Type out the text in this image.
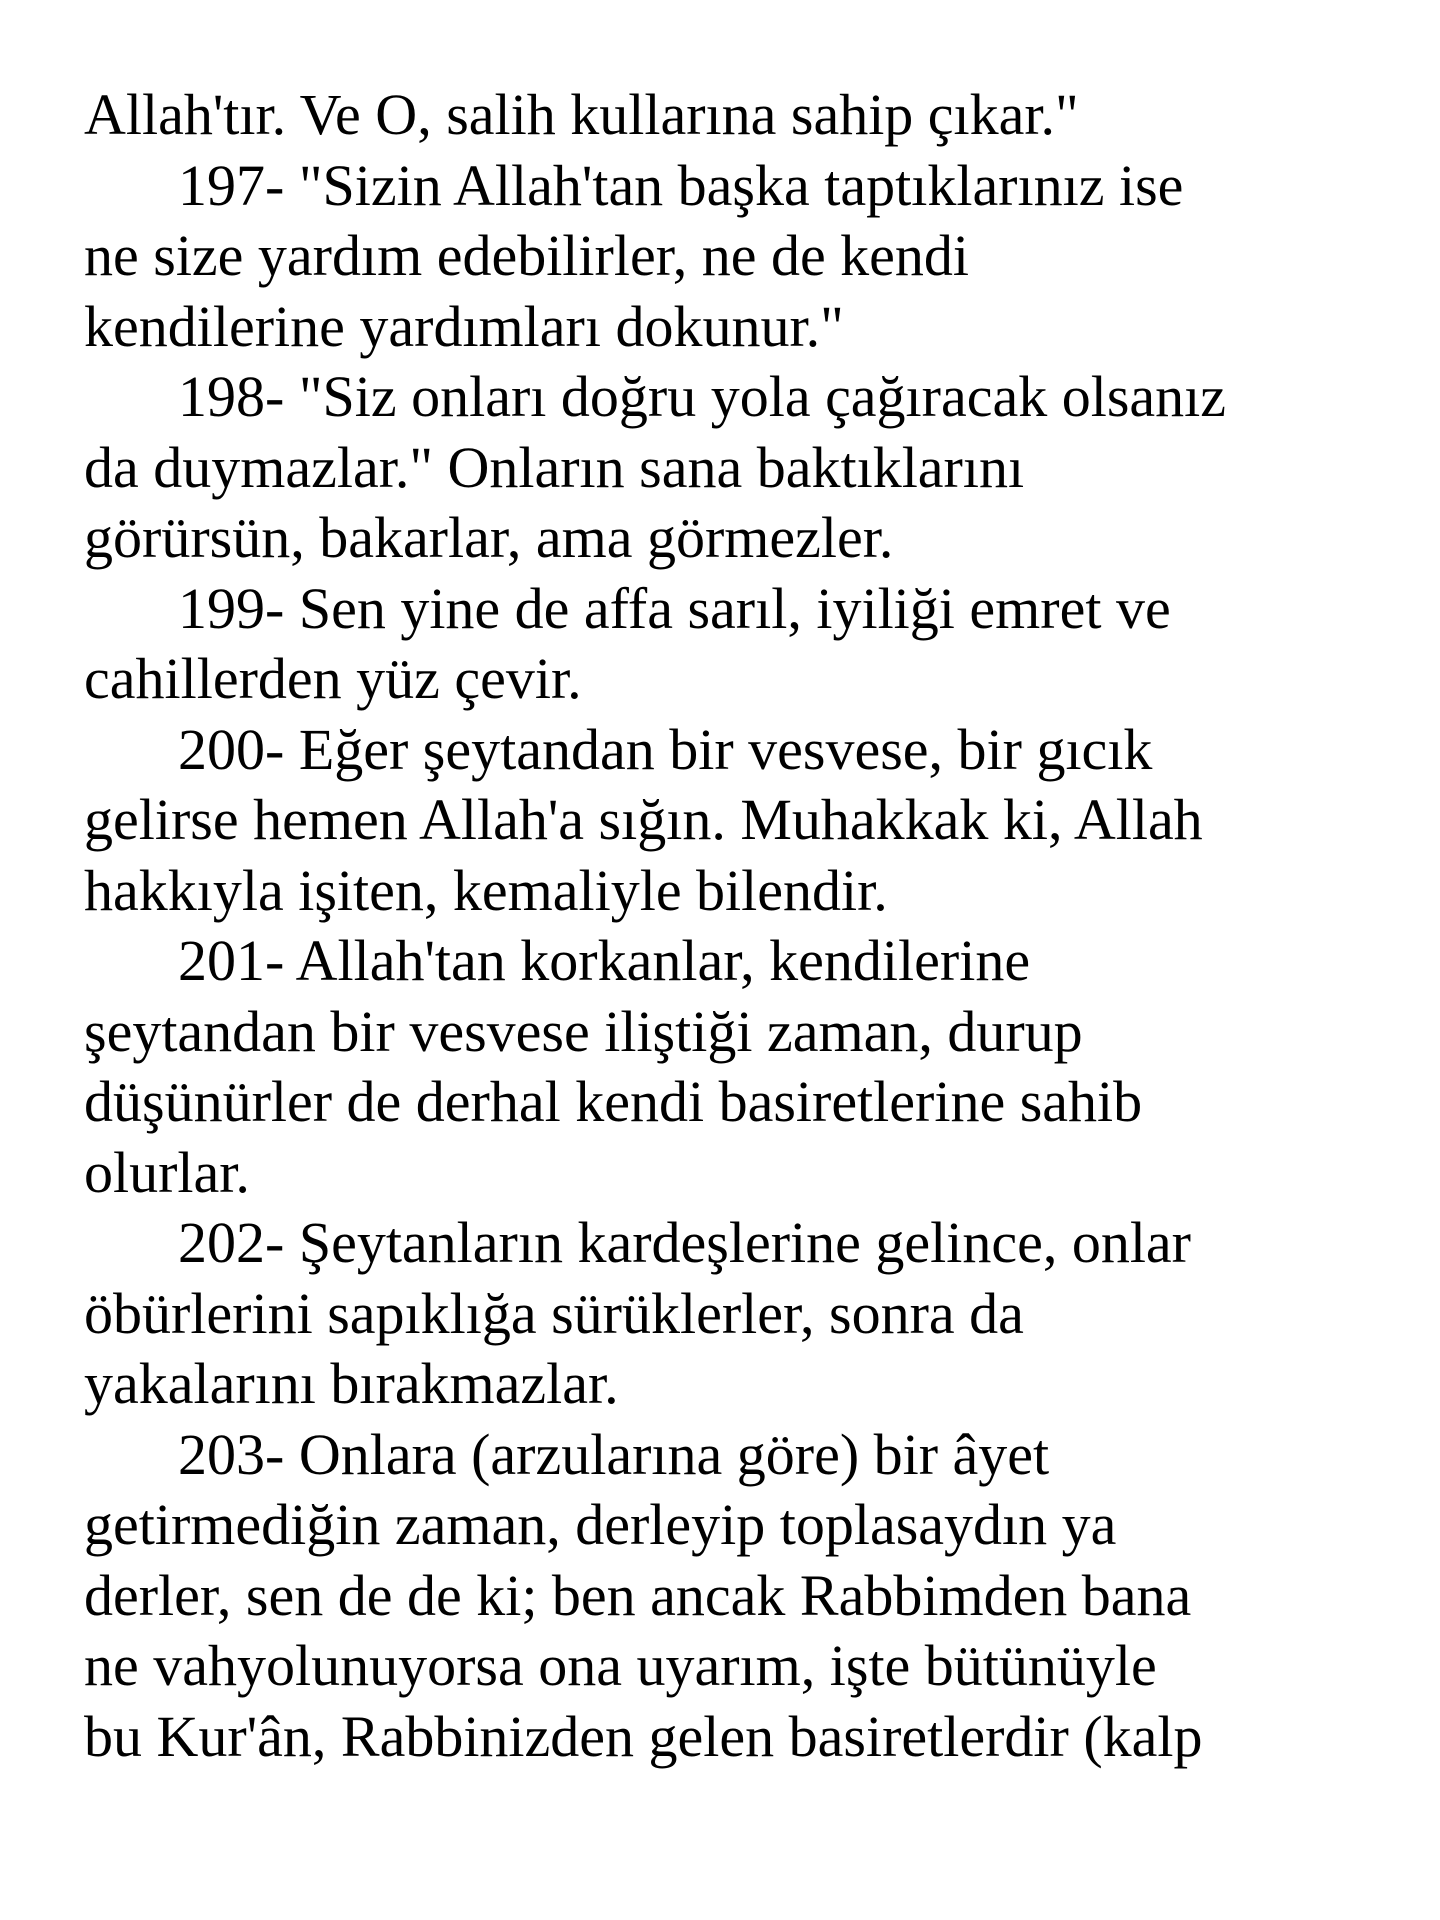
Allah'tır. Ve O, salih kullarına sahip çıkar."
197- "Sizin Allah'tan başka taptıklarınız ise
ne size yardım edebilirler, ne de kendi
kendilerine yardımları dokunur."
198- "Siz onları doğru yola çağıracak olsanız
da duymazlar." Onların sana baktıklarını
görürsün, bakarlar, ama görmezler.
199- Sen yine de affa sarıl, iyiliği emret ve
cahillerden yüz çevir.
200- Eğer şeytandan bir vesvese, bir gıcık
gelirse hemen Allah'a sığın. Muhakkak ki, Allah
hakkıyla işiten, kemaliyle bilendir.
201- Allah'tan korkanlar, kendilerine
şeytandan bir vesvese iliştiği zaman, durup
düşünürler de derhal kendi basiretlerine sahib
olurlar.
202- Şeytanların kardeşlerine gelince, onlar
öbürlerini sapıklığa sürüklerler, sonra da
yakalarını bırakmazlar.
203- Onlara (arzularına göre) bir âyet
getirmediğin zaman, derleyip toplasaydın ya
derler, sen de de ki; ben ancak Rabbimden bana
ne vahyolunuyorsa ona uyarım, işte bütünüyle
bu Kur'ân, Rabbinizden gelen basiretlerdir (kalp
